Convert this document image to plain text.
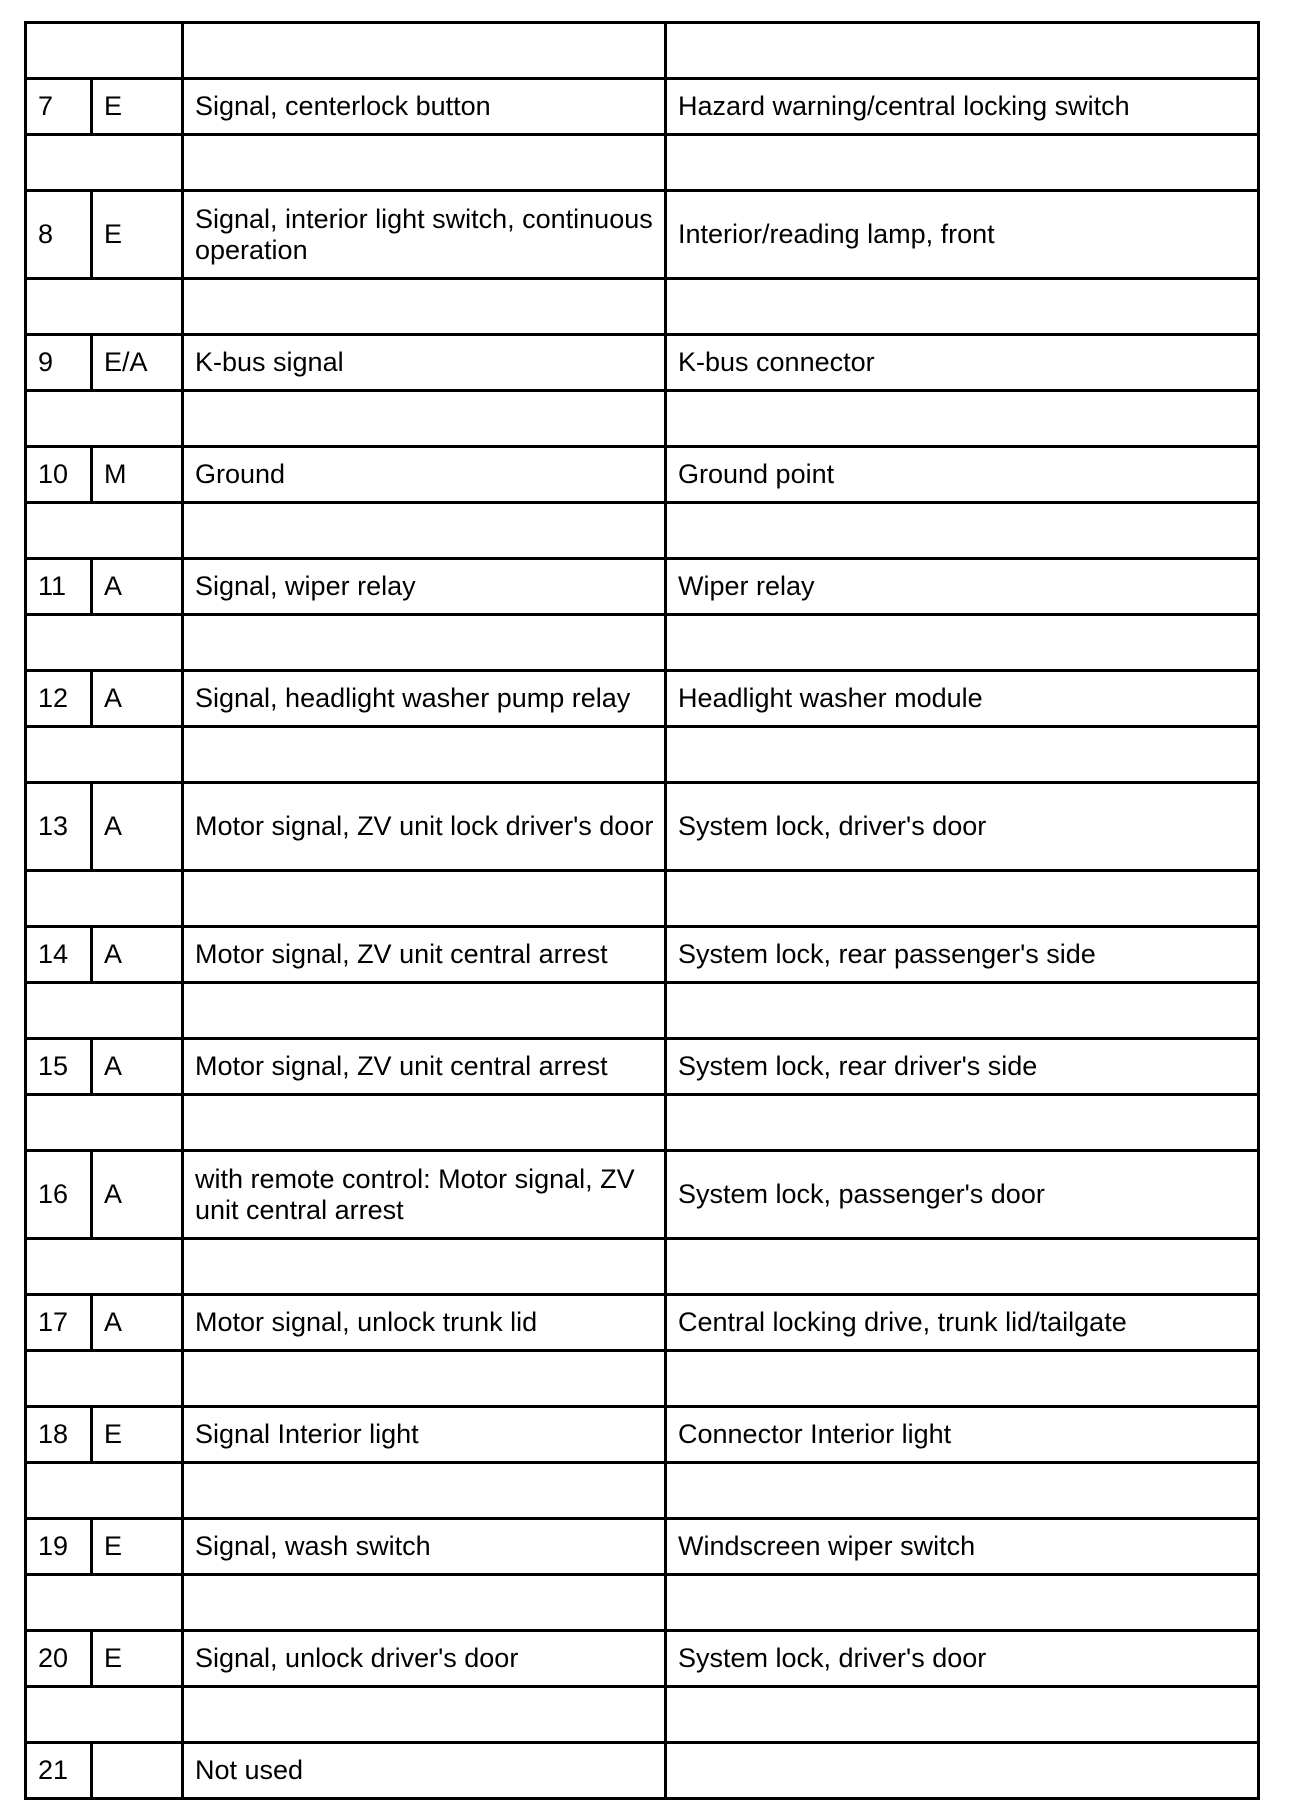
7	E	Signal, centerlock button	Hazard warning/central locking switch

8	E	Signal, interior light switch, continuous operation	Interior/reading lamp, front

9	E/A	K-bus signal	K-bus connector

10	M	Ground	Ground point

11	A	Signal, wiper relay	Wiper relay

12	A	Signal, headlight washer pump relay	Headlight washer module

13	A	Motor signal, ZV unit lock driver's door	System lock, driver's door

14	A	Motor signal, ZV unit central arrest	System lock, rear passenger's side

15	A	Motor signal, ZV unit central arrest	System lock, rear driver's side

16	A	with remote control: Motor signal, ZV unit central arrest	System lock, passenger's door

17	A	Motor signal, unlock trunk lid	Central locking drive, trunk lid/tailgate

18	E	Signal Interior light	Connector Interior light

19	E	Signal, wash switch	Windscreen wiper switch

20	E	Signal, unlock driver's door	System lock, driver's door

21		Not used	
